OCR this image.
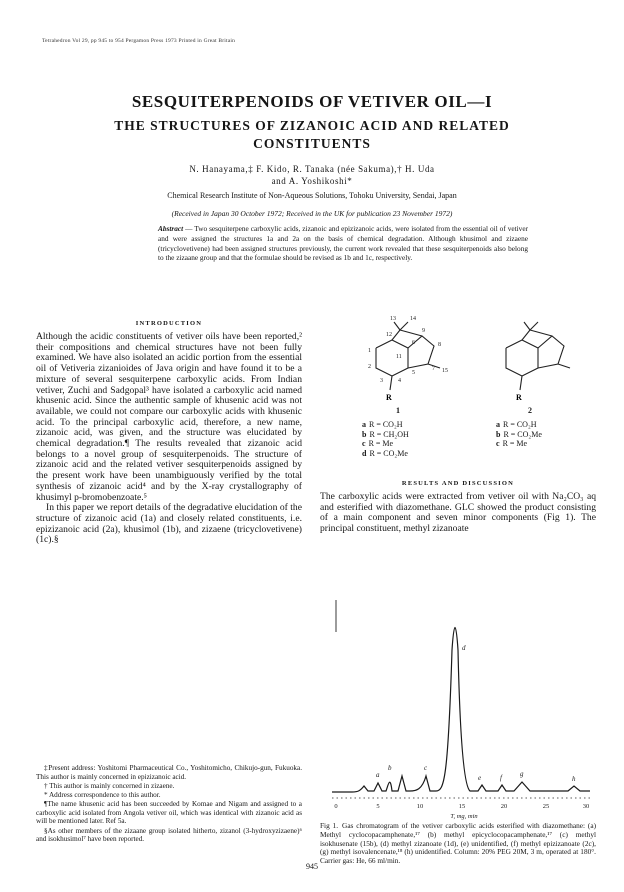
Tetrahedron Vol 29, pp 945 to 954 Pergamon Press 1973 Printed in Great Britain
SESQUITERPENOIDS OF VETIVER OIL—I
THE STRUCTURES OF ZIZANOIC ACID AND RELATED
CONSTITUENTS
N. Hanayama,‡ F. Kido, R. Tanaka (née Sakuma),† H. Uda
and A. Yoshikoshi*
Chemical Research Institute of Non-Aqueous Solutions, Tohoku University, Sendai, Japan
(Received in Japan 30 October 1972; Received in the UK for publication 23 November 1972)

Abstract — Two sesquiterpene carboxylic acids, zizanoic and epizizanoic acids, were isolated from the essential oil of vetiver and were assigned the structures 1a and 2a on the basis of chemical degradation. Although khusimol and zizaene (tricyclovetivene) had been assigned structures previously, the current work revealed that these sesquiterpenoids also belong to the zizaane group and that the formulae should be revised as 1b and 1c, respectively.

INTRODUCTION

Although the acidic constituents of vetiver oils have been reported,² their compositions and chemical structures have not been fully examined. We have also isolated an acidic portion from the essential oil of Vetiveria zizanioides of Java origin and have found it to be a mixture of several sesquiterpene carboxylic acids. From Indian vetiver, Zuchi and Sadgopal³ have isolated a carboxylic acid named khusenic acid. Since the authentic sample of khusenic acid was not available, we could not compare our carboxylic acids with khusenic acid. To the principal carboxylic acid, therefore, a new name, zizanoic acid, was given, and the structure was elucidated by chemical degradation.¶ The results revealed that zizanoic acid belongs to a novel group of sesquiterpenoids. The structure of zizanoic acid and the related vetiver sesquiterpenoids assigned by the present work have been unambiguously verified by the total synthesis of zizanoic acid⁴ and by the X-ray crystallography of khusimyl p-bromobenzoate.⁵

In this paper we report details of the degradative elucidation of the structure of zizanoic acid (1a) and closely related constituents, i.e. epizizanoic acid (2a), khusimol (1b), and zizaene (tricyclovetivene) (1c).§

‡Present address: Yoshitomi Pharmaceutical Co., Yoshitomicho, Chikujo-gun, Fukuoka. This author is mainly concerned in epizizanoic acid.

† This author is mainly concerned in zizaene.

* Address correspondence to this author.

¶The name khusenic acid has been succeeded by Komae and Nigam and assigned to a carboxylic acid isolated from Angola vetiver oil, which was identical with zizanoic acid as will be mentioned later. Ref 5a.

§As other members of the zizaane group isolated hitherto, zizanol (3-hydroxyzizaene)⁶ and isokhusimol⁷ have been reported.

1
2
3	4
5
6
7
8
9
11
12
13 14
15
R	R
1	2
a R = CO₂H
b R = CH₂OH
c R = Me
d R = CO₂Me
a R = CO₂H
b R = CO₂Me
c R = Me
RESULTS AND DISCUSSION

The carboxylic acids were extracted from vetiver oil with Na₂CO₃ aq and esterified with diazomethane. GLC showed the product consisting of a main component and seven minor components (Fig 1). The principal constituent, methyl zizanoate

a
b	c
d
e	f	g
h
0	5	10	15	20	25	30
T, mg, min

Fig 1. Gas chromatogram of the vetiver carboxylic acids esterified with diazomethane: (a) Methyl cyclocopacamphenate,¹⁷ (b) methyl epicyclocopacamphenate,¹⁷ (c) methyl isokhusenate (15b), (d) methyl zizanoate (1d), (e) unidentified, (f) methyl epizizanoate (2c), (g) methyl isovalencenate,¹⁸ (h) unidentified. Column: 20% PEG 20M, 3 m, operated at 180°. Carrier gas: He, 66 ml/min.

945
